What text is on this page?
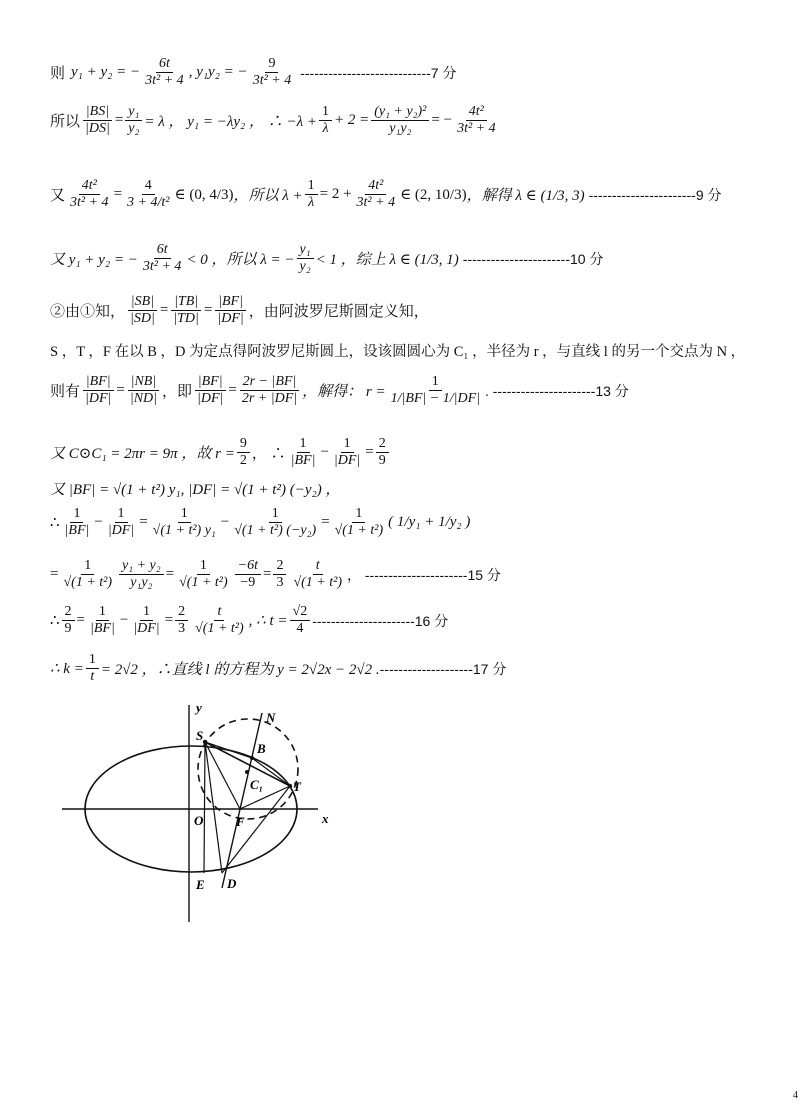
则 y₁ + y₂ = − $\frac{6t}{\text{3t² + 4}}$ , y₁y₂ = − $\frac{9}{\text{3t² + 4}} ----------------------------7$ 分
所以 $\frac{|BS|}{|DS|} = \frac{\text{y₁}}{\text{y₂}} = \lambda$ ， y₁ = −λy₂ ， ∴ $-\lambda + \frac{1}{\lambda} + 2 = \frac{\text{(y₁ + y₂)²}}{\text{y₁y₂}}$ = − $\frac{\text{4t²}}{\text{3t² + 4}}$
又 $\frac{\text{4t²}}{\text{3t² + 4}} = \frac{4}{\text{3 + 4/t²}}$ ∈ (0, 4/3) ，所以 $\lambda + \frac{1}{\lambda} = 2 + \frac{\text{4t²}}{\text{3t² + 4}}$ ∈ (2, 10/3) ，解得 λ ∈ (1/3, 3) -----------------------9 分
又 y₁ + y₂ = − $\frac{6t}{\text{3t² + 4}} < 0$ ，所以 λ = − $\frac{\text{y₁}}{\text{y₂}} < 1$ ，综上 λ ∈ (1/3, 1) -----------------------10 分
②由①知， $\frac{|SB|}{|SD|} = \frac{|TB|}{|TD|} = \frac{|BF|}{|DF|}$ ，由阿波罗尼斯圆定义知，
S ，T ，F 在以 B ，D 为定点得阿波罗尼斯圆上，设该圆圆心为 C₁ ，半径为 r ，与直线 l 的另一个交点为 N ，
则有 $\frac{|BF|}{|DF|} = \frac{|NB|}{|ND|}$ ，即 $\frac{|BF|}{|DF|} = \frac{2r - |BF|}{2r + |DF|}$ ，解得： $r = \frac{1}{1/|BF| - 1/|DF|}$ . ----------------------13 分
又 C⊙C₁ = 2πr = 9π ，故 $r = \frac{9}{2}$ ， ∴ $\frac{1}{|BF|} - \frac{1}{|DF|} = \frac{2}{9}$
又 |BF| = √(1 + t²) y₁, |DF| = √(1 + t²) (−y₂) ，
∴ $\frac{1}{|BF|} - \frac{1}{|DF|} = \frac{1}{\text{√(1 + t²) y₁}} - \frac{1}{\text{√(1 + t²) (−y₂)}} = \frac{1}{\text{√(1 + t²)}}$ ( 1/y₁ + 1/y₂ )
= $\frac{1}{\text{√(1 + t²)}} \frac{\text{y₁ + y₂}}{\text{y₁y₂}} = \frac{1}{\text{√(1 + t²)}} \frac{-6t}{-9} = \frac{2}{3} \frac{t}{\text{√(1 + t²)}}$ ， ----------------------15 分
∴ $\frac{2}{9} = \frac{1}{|BF|} - \frac{1}{|DF|} = \frac{2}{3} \frac{t}{\text{√(1 + t²)}}$ , ∴ $t = \frac{√2}{4} ----------------------16$ 分
∴ $k = \frac{1}{t} = 2√2$ ，∴直线 l 的方程为 y = 2√2x − 2√2 . --------------------17 分
y
x
O
S
B
N
C₁ T
F
E D
4
